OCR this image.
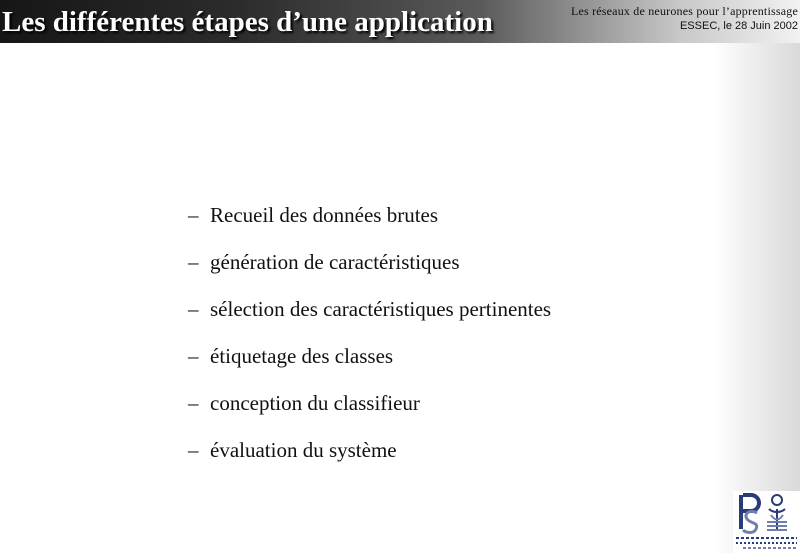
Les différentes étapes d’une application	Les réseaux de neurones pour l’apprentissage
ESSEC, le 28 Juin 2002
– Recueil des données brutes
– génération de caractéristiques
– sélection des caractéristiques pertinentes
– étiquetage des classes
– conception du classifieur
– évaluation du système
